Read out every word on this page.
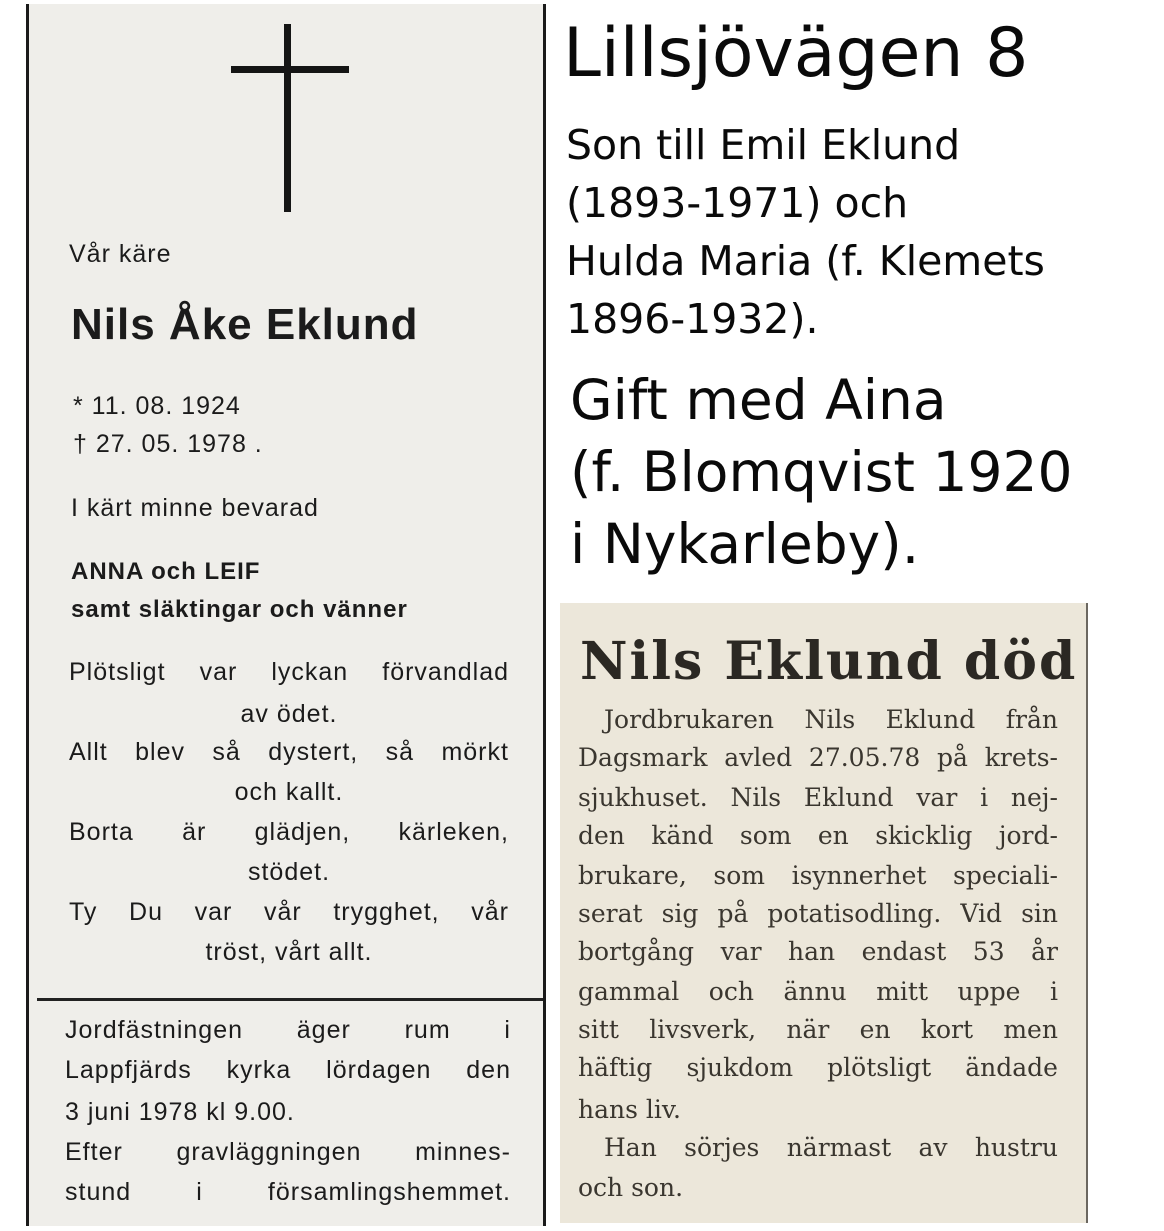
Vår käre
Nils Åke Eklund
* 11. 08. 1924
† 27. 05. 1978 .
I kärt minne bevarad
ANNA och LEIF
samt släktingar och vänner
Plötsligt var lyckan förvandlad
av ödet.
Allt blev så dystert, så mörkt
och kallt.
Borta är glädjen, kärleken,
stödet.
Ty Du var vår trygghet, vår
tröst, vårt allt.
Jordfästningen äger rum i
Lappfjärds kyrka lördagen den
3 juni 1978 kl 9.00.
Efter gravläggningen minnes-
stund	i	församlingshemmet.
Lillsjövägen 8
Son till Emil Eklund
(1893-1971) och
Hulda Maria (f. Klemets
1896-1932).
Gift med Aina
(f. Blomqvist 1920
i Nykarleby).
Nils Eklund död
Jordbrukaren Nils Eklund från
Dagsmark avled 27.05.78 på krets-
sjukhuset. Nils Eklund var i nej-
den känd som en skicklig jord-
brukare, som isynnerhet speciali-
serat sig på potatisodling. Vid sin
bortgång var han endast 53 år
gammal och ännu mitt uppe i
sitt livsverk, när en kort men
häftig sjukdom plötsligt ändade
hans liv.
Han sörjes närmast av hustru
och son.
